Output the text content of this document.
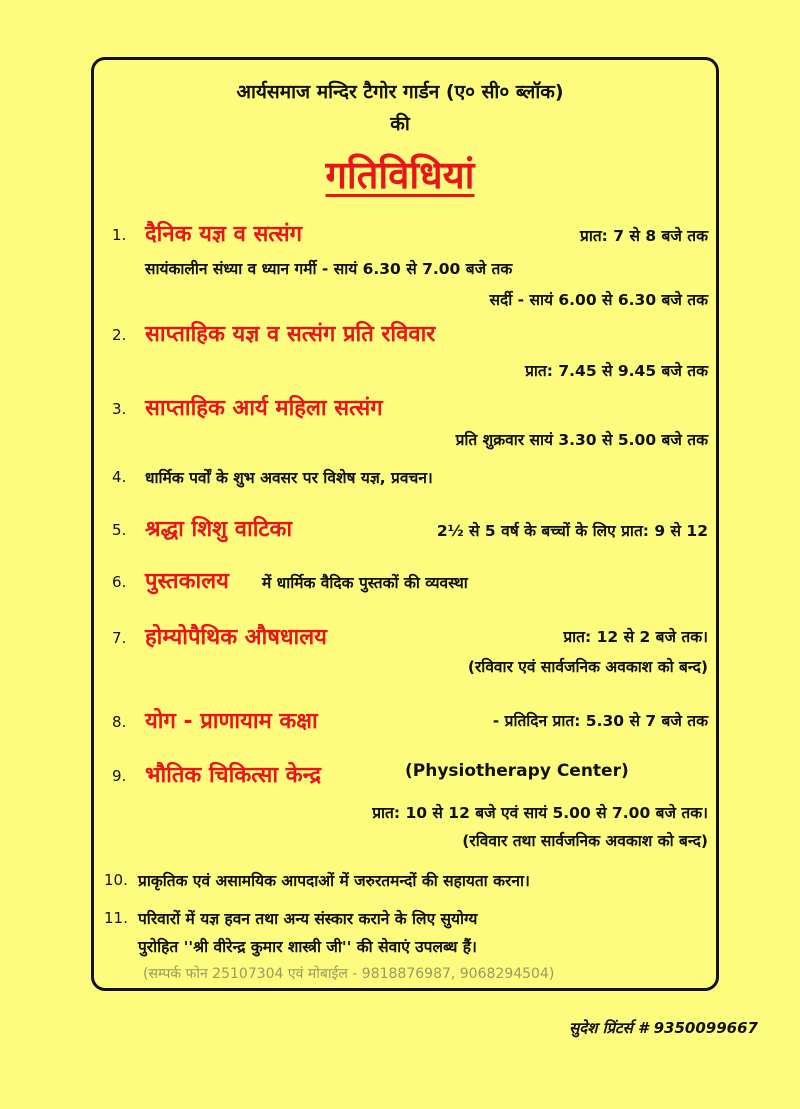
आर्यसमाज मन्दिर टैगोर गार्डन (ए० सी० ब्लॉक)
की
गतिविधियां
1. दैनिक यज्ञ व सत्संग	प्रात: 7 से 8 बजे तक
सायंकालीन संध्या व ध्यान गर्मी - सायं 6.30 से 7.00 बजे तक
सर्दी - सायं 6.00 से 6.30 बजे तक
2. साप्ताहिक यज्ञ व सत्संग प्रति रविवार
प्रात: 7.45 से 9.45 बजे तक
3. साप्ताहिक आर्य महिला सत्संग
प्रति शुक्रवार सायं 3.30 से 5.00 बजे तक
4. धार्मिक पर्वों के शुभ अवसर पर विशेष यज्ञ, प्रवचन।
5. श्रद्धा शिशु वाटिका	2½ से 5 वर्ष के बच्चों के लिए प्रात: 9 से 12
6. पुस्तकालय में धार्मिक वैदिक पुस्तकों की व्यवस्था
7. होम्योपैथिक औषधालय	प्रात: 12 से 2 बजे तक।
(रविवार एवं सार्वजनिक अवकाश को बन्द)
8. योग - प्राणायाम कक्षा	- प्रतिदिन प्रात: 5.30 से 7 बजे तक
9. भौतिक चिकित्सा केन्द्र	(Physiotherapy Center)
प्रात: 10 से 12 बजे एवं सायं 5.00 से 7.00 बजे तक।
(रविवार तथा सार्वजनिक अवकाश को बन्द)
10. प्राकृतिक एवं असामयिक आपदाओं में जरुरतमन्दों की सहायता करना।
11. परिवारों में यज्ञ हवन तथा अन्य संस्कार कराने के लिए सुयोग्य
पुरोहित ''श्री वीरेन्द्र कुमार शास्त्री जी'' की सेवाएं उपलब्ध हैं।
(सम्पर्क फोन 25107304 एवं मोबाईल - 9818876987, 9068294504)
सुदेश प्रिंटर्स # 9350099667
